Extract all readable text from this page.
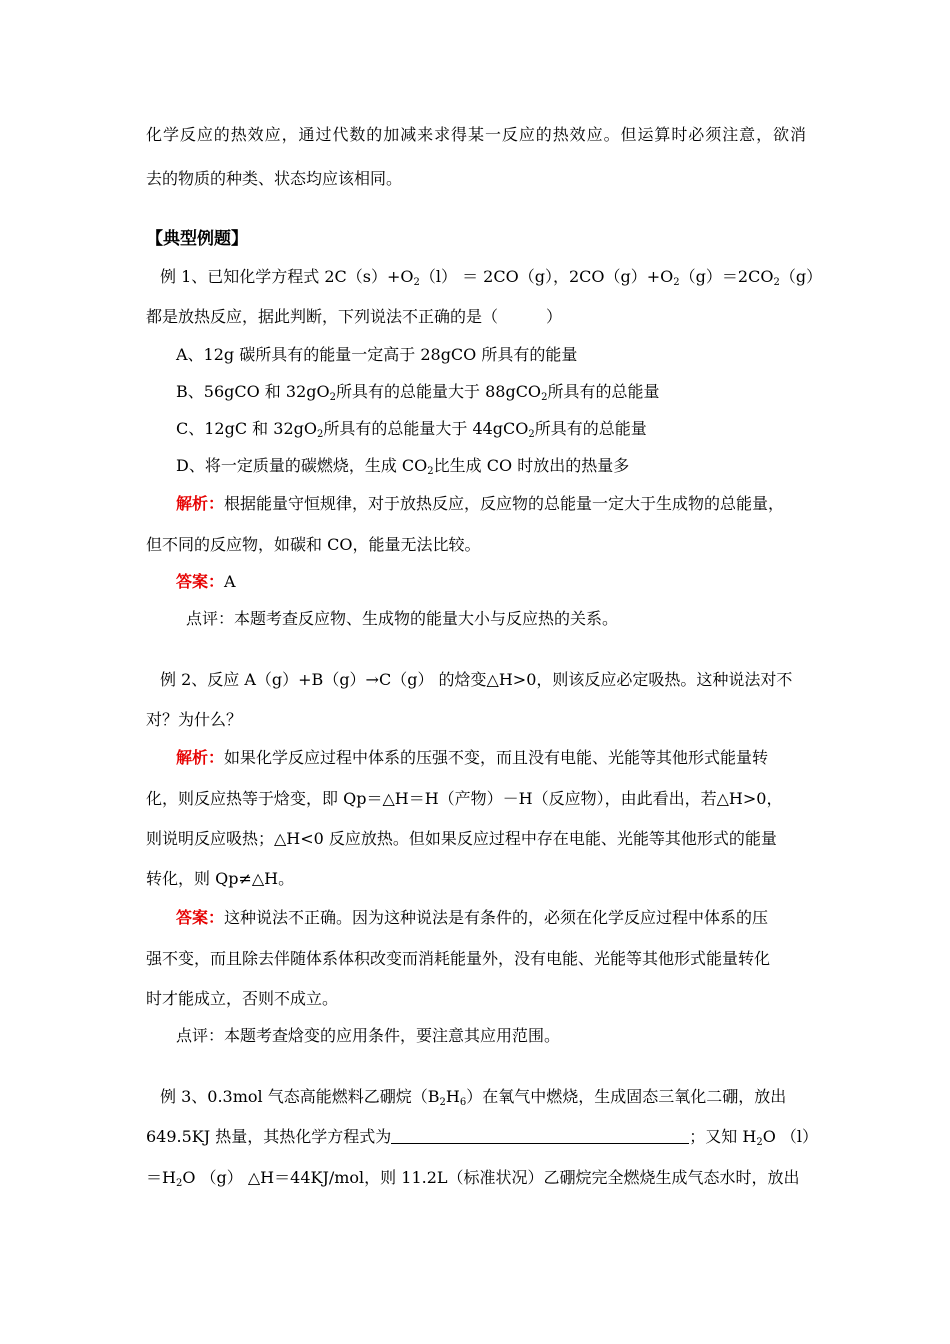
化学反应的热效应，通过代数的加减来求得某一反应的热效应。但运算时必须注意，欲消
去的物质的种类、状态均应该相同。
【典型例题】
例 1、已知化学方程式 $2C(s)+O_2(l) = 2CO(g)$，$2CO(g)+O_2(g)=2CO_2(g)$
都是放热反应，据此判断，下列说法不正确的是（　　　）
A、12g 碳所具有的能量一定高于 28gCO 所具有的能量
B、56gCO 和 $32gO_2$所具有的总能量大于 88gCO$_2$所具有的总能量
C、12gC 和 $32gO_2$所具有的总能量大于 44gCO$_2$所具有的总能量
D、将一定质量的碳燃烧，生成 $CO_2$比生成 CO 时放出的热量多
解析：根据能量守恒规律，对于放热反应，反应物的总能量一定大于生成物的总能量，
但不同的反应物，如碳和 CO，能量无法比较。
答案：A
点评：本题考查反应物、生成物的能量大小与反应热的关系。
例 2、反应 A（g）+B（g）→C（g） 的焓变△H>0，则该反应必定吸热。这种说法对不
对？为什么？
解析：如果化学反应过程中体系的压强不变，而且没有电能、光能等其他形式能量转
化，则反应热等于焓变，即 Qp＝△H＝H（产物）－H（反应物），由此看出，若△H>0，
则说明反应吸热；△H<0 反应放热。但如果反应过程中存在电能、光能等其他形式的能量
转化，则 Qp≠△H。
答案：这种说法不正确。因为这种说法是有条件的，必须在化学反应过程中体系的压
强不变，而且除去伴随体系体积改变而消耗能量外，没有电能、光能等其他形式能量转化
时才能成立，否则不成立。
点评：本题考查焓变的应用条件，要注意其应用范围。
例 3、0.3mol 气态高能燃料乙硼烷$(B_2H_6)$在氧气中燃烧，生成固态三氧化二硼，放出
649.5KJ 热量，其热化学方程式为	；又知 $H_2O$ （l）
$=H_2O$ （g） △H＝44KJ/mol，则 11.2L（标准状况）乙硼烷完全燃烧生成气态水时，放出
